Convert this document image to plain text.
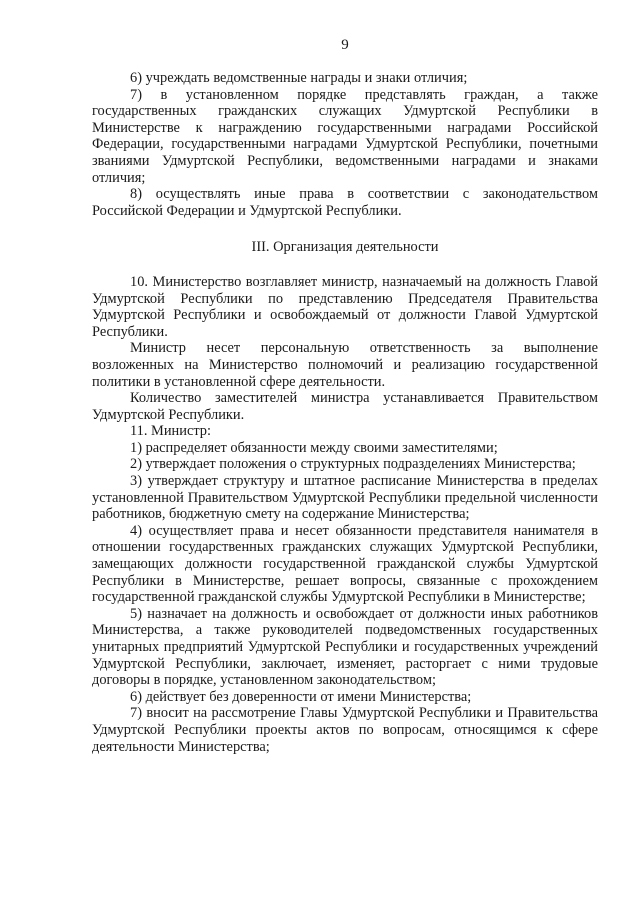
9

6) учреждать ведомственные награды и знаки отличия;

7) в установленном порядке представлять граждан, а также государственных гражданских служащих Удмуртской Республики в Министерстве к награждению государственными наградами Российской Федерации, государственными наградами Удмуртской Республики, почетными званиями Удмуртской Республики, ведомственными наградами и знаками отличия;

8) осуществлять иные права в соответствии с законодательством Российской Федерации и Удмуртской Республики.

III. Организация деятельности

10. Министерство возглавляет министр, назначаемый на должность Главой Удмуртской Республики по представлению Председателя Правительства Удмуртской Республики и освобождаемый от должности Главой Удмуртской Республики.

Министр несет персональную ответственность за выполнение возложенных на Министерство полномочий и реализацию государственной политики в установленной сфере деятельности.

Количество заместителей министра устанавливается Правительством Удмуртской Республики.

11. Министр:

1) распределяет обязанности между своими заместителями;

2) утверждает положения о структурных подразделениях Министерства;

3) утверждает структуру и штатное расписание Министерства в пределах установленной Правительством Удмуртской Республики предельной численности работников, бюджетную смету на содержание Министерства;

4) осуществляет права и несет обязанности представителя нанимателя в отношении государственных гражданских служащих Удмуртской Республики, замещающих должности государственной гражданской службы Удмуртской Республики в Министерстве, решает вопросы, связанные с прохождением государственной гражданской службы Удмуртской Республики в Министерстве;

5) назначает на должность и освобождает от должности иных работников Министерства, а также руководителей подведомственных государственных унитарных предприятий Удмуртской Республики и государственных учреждений Удмуртской Республики, заключает, изменяет, расторгает с ними трудовые договоры в порядке, установленном законодательством;

6) действует без доверенности от имени Министерства;

7) вносит на рассмотрение Главы Удмуртской Республики и Правительства Удмуртской Республики проекты актов по вопросам, относящимся к сфере деятельности Министерства;
